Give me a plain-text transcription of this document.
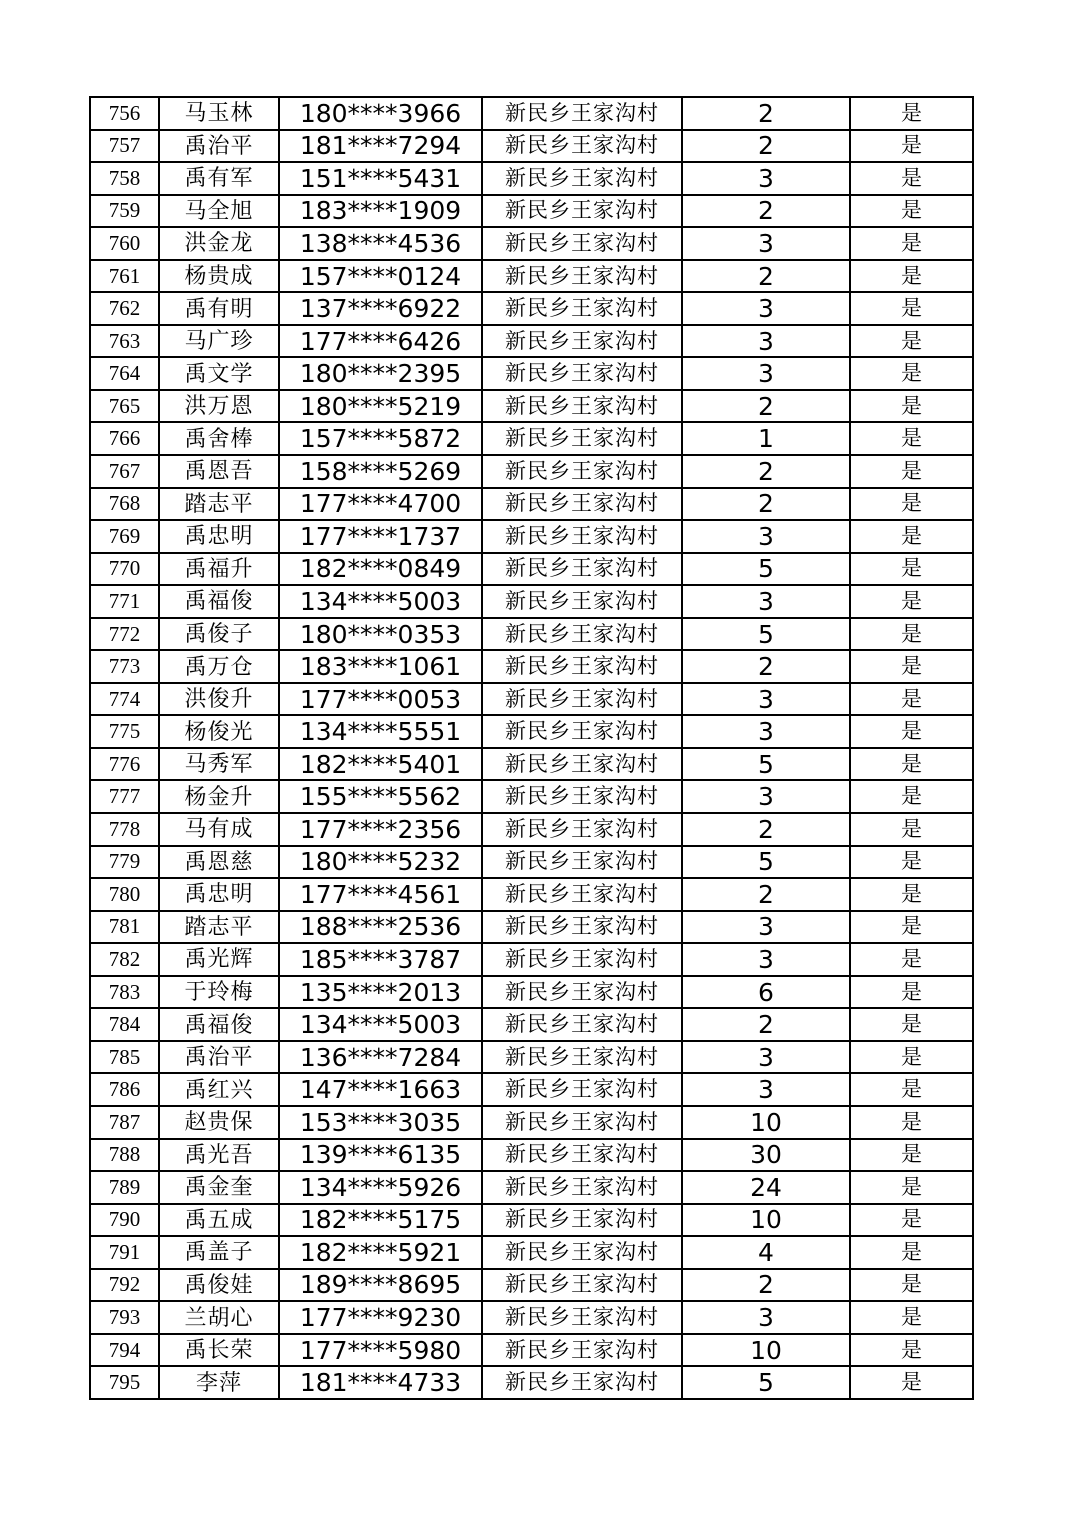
756	马玉林	180****3966	新民乡王家沟村	2	是
757	禹治平	181****7294	新民乡王家沟村	2	是
758	禹有军	151****5431	新民乡王家沟村	3	是
759	马全旭	183****1909	新民乡王家沟村	2	是
760	洪金龙	138****4536	新民乡王家沟村	3	是
761	杨贵成	157****0124	新民乡王家沟村	2	是
762	禹有明	137****6922	新民乡王家沟村	3	是
763	马广珍	177****6426	新民乡王家沟村	3	是
764	禹文学	180****2395	新民乡王家沟村	3	是
765	洪万恩	180****5219	新民乡王家沟村	2	是
766	禹舍棒	157****5872	新民乡王家沟村	1	是
767	禹恩吾	158****5269	新民乡王家沟村	2	是
768	踏志平	177****4700	新民乡王家沟村	2	是
769	禹忠明	177****1737	新民乡王家沟村	3	是
770	禹福升	182****0849	新民乡王家沟村	5	是
771	禹福俊	134****5003	新民乡王家沟村	3	是
772	禹俊子	180****0353	新民乡王家沟村	5	是
773	禹万仓	183****1061	新民乡王家沟村	2	是
774	洪俊升	177****0053	新民乡王家沟村	3	是
775	杨俊光	134****5551	新民乡王家沟村	3	是
776	马秀军	182****5401	新民乡王家沟村	5	是
777	杨金升	155****5562	新民乡王家沟村	3	是
778	马有成	177****2356	新民乡王家沟村	2	是
779	禹恩慈	180****5232	新民乡王家沟村	5	是
780	禹忠明	177****4561	新民乡王家沟村	2	是
781	踏志平	188****2536	新民乡王家沟村	3	是
782	禹光辉	185****3787	新民乡王家沟村	3	是
783	于玲梅	135****2013	新民乡王家沟村	6	是
784	禹福俊	134****5003	新民乡王家沟村	2	是
785	禹治平	136****7284	新民乡王家沟村	3	是
786	禹红兴	147****1663	新民乡王家沟村	3	是
787	赵贵保	153****3035	新民乡王家沟村	10	是
788	禹光吾	139****6135	新民乡王家沟村	30	是
789	禹金奎	134****5926	新民乡王家沟村	24	是
790	禹五成	182****5175	新民乡王家沟村	10	是
791	禹盖子	182****5921	新民乡王家沟村	4	是
792	禹俊娃	189****8695	新民乡王家沟村	2	是
793	兰胡心	177****9230	新民乡王家沟村	3	是
794	禹长荣	177****5980	新民乡王家沟村	10	是
795	李萍	181****4733	新民乡王家沟村	5	是
